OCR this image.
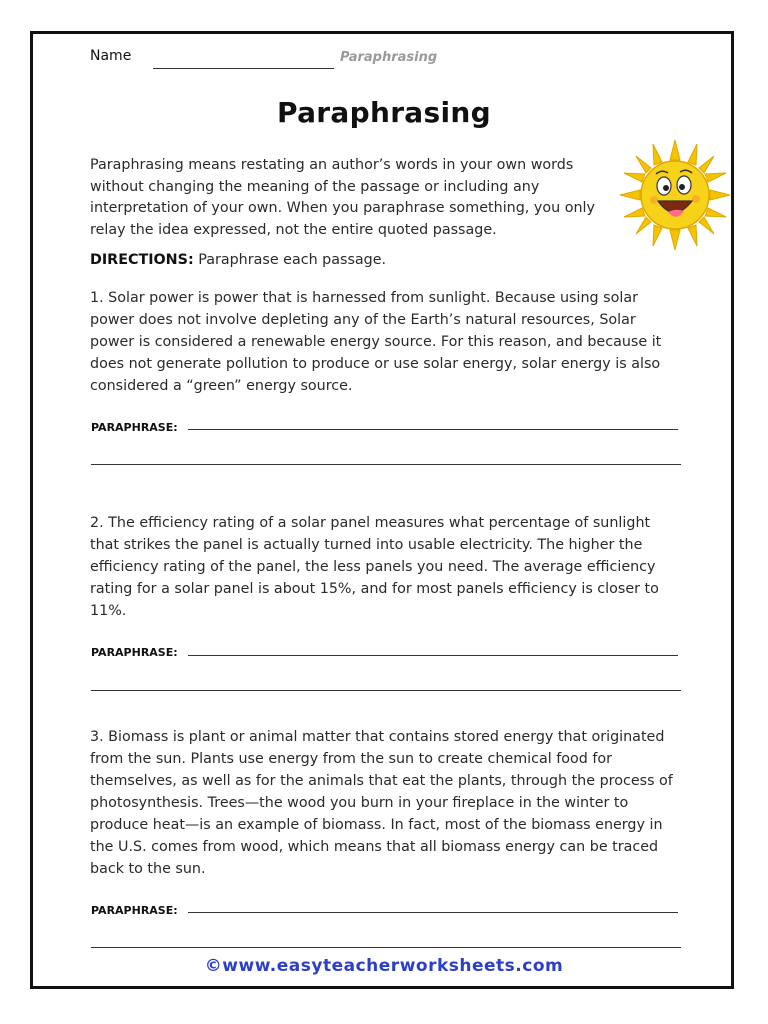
Name	Paraphrasing
Paraphrasing
Paraphrasing means restating an author’s words in your own words without changing the meaning of the passage or including any interpretation of your own. When you paraphrase something, you only relay the idea expressed, not the entire quoted passage.
DIRECTIONS: Paraphrase each passage.
1. Solar power is power that is harnessed from sunlight. Because using solar power does not involve depleting any of the Earth’s natural resources, Solar power is considered a renewable energy source. For this reason, and because it does not generate pollution to produce or use solar energy, solar energy is also considered a “green” energy source.
PARAPHRASE:
2. The efficiency rating of a solar panel measures what percentage of sunlight that strikes the panel is actually turned into usable electricity. The higher the efficiency rating of the panel, the less panels you need. The average efficiency rating for a solar panel is about 15%, and for most panels efficiency is closer to 11%.
PARAPHRASE:
3. Biomass is plant or animal matter that contains stored energy that originated from the sun. Plants use energy from the sun to create chemical food for themselves, as well as for the animals that eat the plants, through the process of photosynthesis. Trees—the wood you burn in your fireplace in the winter to produce heat—is an example of biomass. In fact, most of the biomass energy in the U.S. comes from wood, which means that all biomass energy can be traced back to the sun.
PARAPHRASE:
©www.easyteacherworksheets.com
